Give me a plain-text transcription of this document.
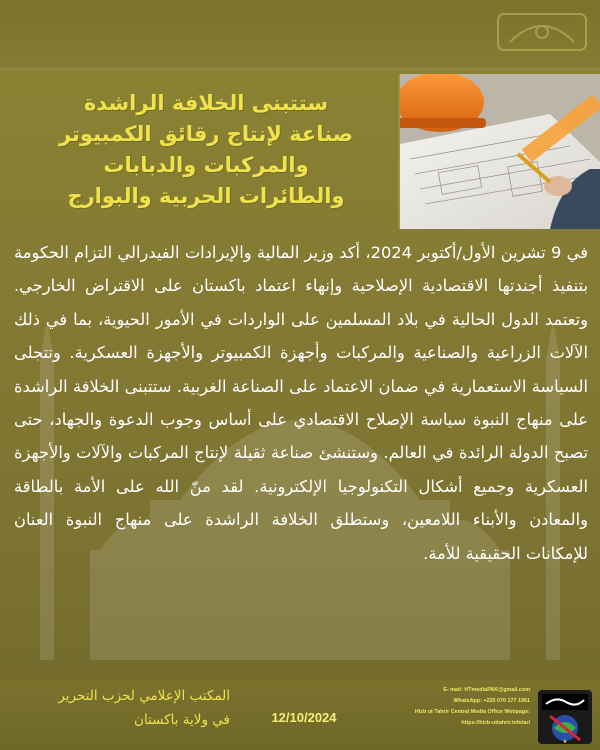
ستتبنى الخلافة الراشدة
صناعة لإنتاج رقائق الكمبيوتر
والمركبات والدبابات
والطائرات الحربية والبوارج
في 9 تشرين الأول/أكتوبر 2024، أكد وزير المالية والإيرادات الفيدرالي التزام الحكومة بتنفيذ أجندتها الاقتصادية الإصلاحية وإنهاء اعتماد باكستان على الاقتراض الخارجي. وتعتمد الدول الحالية في بلاد المسلمين على الواردات في الأمور الحيوية، بما في ذلك الآلات الزراعية والصناعية والمركبات وأجهزة الكمبيوتر والأجهزة العسكرية. وتتجلى السياسة الاستعمارية في ضمان الاعتماد على الصناعة الغربية. ستتبنى الخلافة الراشدة على منهاج النبوة سياسة الإصلاح الاقتصادي على أساس وجوب الدعوة والجهاد، حتى تصبح الدولة الرائدة في العالم. وستنشئ صناعة ثقيلة لإنتاج المركبات والآلات والأجهزة العسكرية وجميع أشكال التكنولوجيا الإلكترونية. لقد منّ الله على الأمة بالطاقة والمعادن والأبناء اللامعين، وستطلق الخلافة الراشدة على منهاج النبوة العنان للإمكانات الحقيقية للأمة.
المكتب الإعلامي لحزب التحرير
في ولاية باكستان	12/10/2024
E- mail: HTmediaPAK@gmail.com
WhatsApp: +225 070 177 1951
Hizb ut Tahrir Central Media Office Webpage:
https://hizb-uttahrir.info/ar/
★
